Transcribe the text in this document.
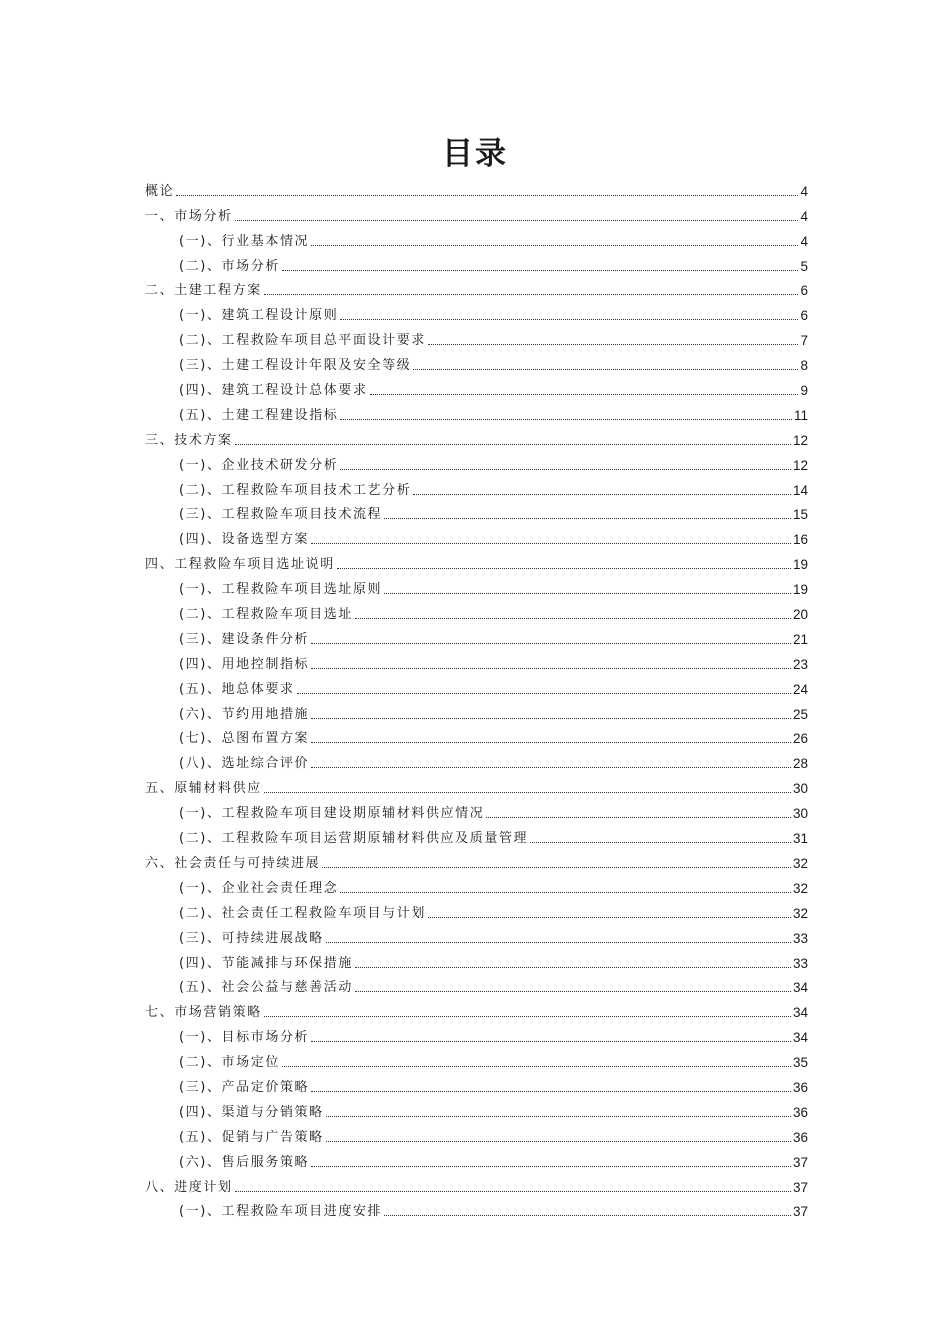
目录
概论	4
一、市场分析	4
(一)、行业基本情况	4
(二)、市场分析	5
二、土建工程方案	6
(一)、建筑工程设计原则	6
(二)、工程救险车项目总平面设计要求	7
(三)、土建工程设计年限及安全等级	8
(四)、建筑工程设计总体要求	9
(五)、土建工程建设指标	11
三、技术方案	12
(一)、企业技术研发分析	12
(二)、工程救险车项目技术工艺分析	14
(三)、工程救险车项目技术流程	15
(四)、设备选型方案	16
四、工程救险车项目选址说明	19
(一)、工程救险车项目选址原则	19
(二)、工程救险车项目选址	20
(三)、建设条件分析	21
(四)、用地控制指标	23
(五)、地总体要求	24
(六)、节约用地措施	25
(七)、总图布置方案	26
(八)、选址综合评价	28
五、原辅材料供应	30
(一)、工程救险车项目建设期原辅材料供应情况	30
(二)、工程救险车项目运营期原辅材料供应及质量管理	31
六、社会责任与可持续进展	32
(一)、企业社会责任理念	32
(二)、社会责任工程救险车项目与计划	32
(三)、可持续进展战略	33
(四)、节能减排与环保措施	33
(五)、社会公益与慈善活动	34
七、市场营销策略	34
(一)、目标市场分析	34
(二)、市场定位	35
(三)、产品定价策略	36
(四)、渠道与分销策略	36
(五)、促销与广告策略	36
(六)、售后服务策略	37
八、进度计划	37
(一)、工程救险车项目进度安排	37
